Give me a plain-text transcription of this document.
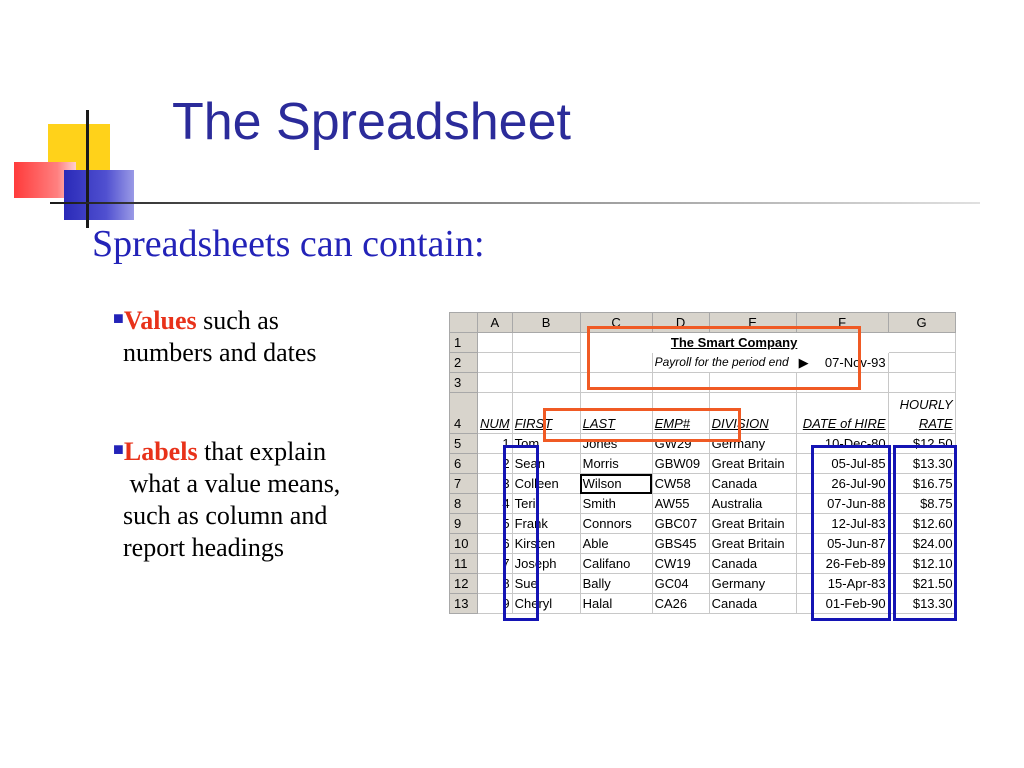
The Spreadsheet
Spreadsheets can contain:
■Values such as
numbers and dates
■Labels that explain
what a value means,
such as column and
report headings
	A	B	C	D	E	F	G
1			The Smart Company				
2				Payroll for the period end		▶ 07-Nov-93	
3							
4	NUM	FIRST	LAST	EMP#	DIVISION	DATE of HIRE	HOURLY
RATE
5	1	Tom	Jones	GW29	Germany	10-Dec-80	$12.50
6	2	Sean	Morris	GBW09	Great Britain	05-Jul-85	$13.30
7	3	Colleen	Wilson	CW58	Canada	26-Jul-90	$16.75
8	4	Teri	Smith	AW55	Australia	07-Jun-88	$8.75
9	5	Frank	Connors	GBC07	Great Britain	12-Jul-83	$12.60
10	6	Kirsten	Able	GBS45	Great Britain	05-Jun-87	$24.00
11	7	Joseph	Califano	CW19	Canada	26-Feb-89	$12.10
12	8	Sue	Bally	GC04	Germany	15-Apr-83	$21.50
13	9	Cheryl	Halal	CA26	Canada	01-Feb-90	$13.30
